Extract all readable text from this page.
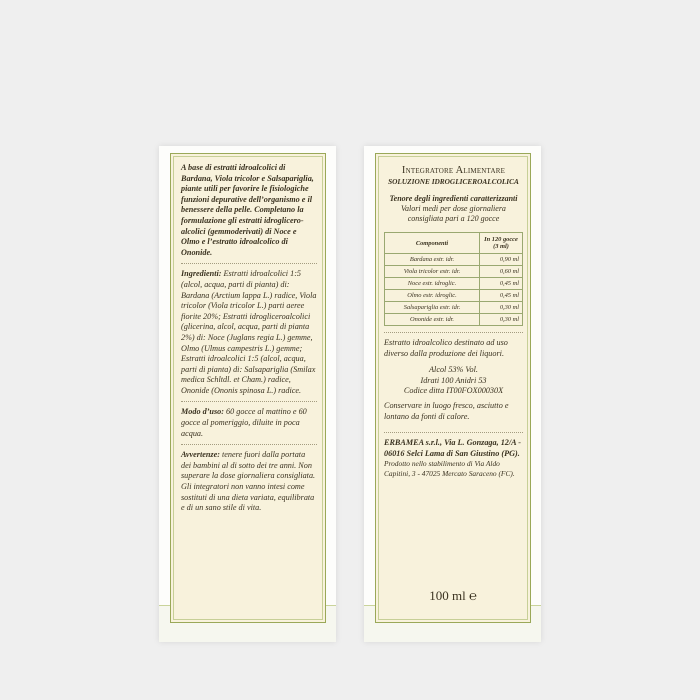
A base di estratti idroalcolici di Bardana, Viola tricolor e Salsapariglia, piante utili per favorire le fisiologiche funzioni depurative dell’organismo e il benessere della pelle. Completano la formulazione gli estratti idroglicero-alcolici (gemmoderivati) di Noce e Olmo e l’estratto idroalcolico di Ononide.

Ingredienti: Estratti idroalcolici 1:5 (alcol, acqua, parti di pianta) di: Bardana (Arctium lappa L.) radice, Viola tricolor (Viola tricolor L.) parti aeree fiorite 20%; Estratti idrogliceroalcolici (glicerina, alcol, acqua, parti di pianta 2%) di: Noce (Juglans regia L.) gemme, Olmo (Ulmus campestris L.) gemme; Estratti idroalcolici 1:5 (alcol, acqua, parti di pianta) di: Salsapariglia (Smilax medica Schltdl. et Cham.) radice, Ononide (Ononis spinosa L.) radice.

Modo d’uso: 60 gocce al mattino e 60 gocce al pomeriggio, diluite in poca acqua.

Avvertenze: tenere fuori dalla portata dei bambini al di sotto dei tre anni. Non superare la dose giornaliera consigliata. Gli integratori non vanno intesi come sostituti di una dieta variata, equilibrata e di un sano stile di vita.

Integratore Alimentare
SOLUZIONE IDROGLICEROALCOLICA
Tenore degli ingredienti caratterizzanti
Valori medi per dose giornaliera consigliata pari a 120 gocce
Componenti	In 120 gocce (3 ml)
Bardana estr. idr.	0,90 ml
Viola tricolor estr. idr.	0,60 ml
Noce estr. idroglic.	0,45 ml
Olmo estr. idroglic.	0,45 ml
Salsapariglia estr. idr.	0,30 ml
Ononide estr. idr.	0,30 ml

Estratto idroalcolico destinato ad uso diverso dalla produzione dei liquori.

Alcol 53% Vol.

Idrati 100 Anidri 53

Codice ditta IT00FOX00030X

Conservare in luogo fresco, asciutto e lontano da fonti di calore.

ERBAMEA s.r.l., Via L. Gonzaga, 12/A - 06016 Selci Lama di San Giustino (PG).

Prodotto nello stabilimento di Via Aldo Capitini, 3 - 47025 Mercato Saraceno (FC).

100 ml ℮
